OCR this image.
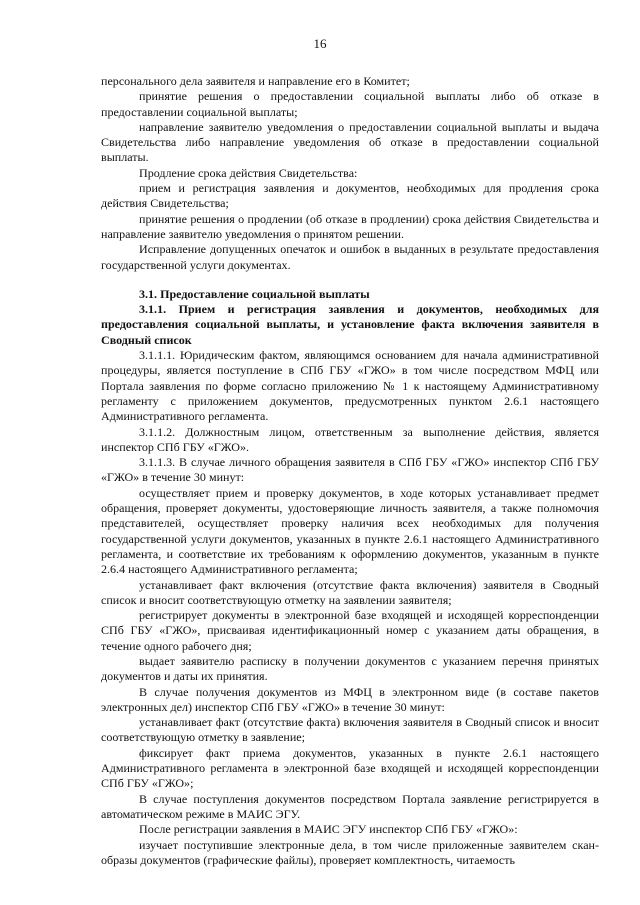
16

персонального дела заявителя и направление его в Комитет;

принятие решения о предоставлении социальной выплаты либо об отказе в предоставлении социальной выплаты;

направление заявителю уведомления о предоставлении социальной выплаты и выдача Свидетельства либо направление уведомления об отказе в предоставлении социальной выплаты.

Продление срока действия Свидетельства:

прием и регистрация заявления и документов, необходимых для продления срока действия Свидетельства;

принятие решения о продлении (об отказе в продлении) срока действия Свидетельства и направление заявителю уведомления о принятом решении.

Исправление допущенных опечаток и ошибок в выданных в результате предоставления государственной услуги документах.

3.1. Предоставление социальной выплаты

3.1.1. Прием и регистрация заявления и документов, необходимых для предоставления социальной выплаты, и установление факта включения заявителя в Сводный список

3.1.1.1. Юридическим фактом, являющимся основанием для начала административной процедуры, является поступление в СПб ГБУ «ГЖО» в том числе посредством МФЦ или Портала заявления по форме согласно приложению № 1 к настоящему Административному регламенту с приложением документов, предусмотренных пунктом 2.6.1 настоящего Административного регламента.

3.1.1.2. Должностным лицом, ответственным за выполнение действия, является инспектор СПб ГБУ «ГЖО».

3.1.1.3. В случае личного обращения заявителя в СПб ГБУ «ГЖО» инспектор СПб ГБУ «ГЖО» в течение 30 минут:

осуществляет прием и проверку документов, в ходе которых устанавливает предмет обращения, проверяет документы, удостоверяющие личность заявителя, а также полномочия представителей, осуществляет проверку наличия всех необходимых для получения государственной услуги документов, указанных в пункте 2.6.1 настоящего Административного регламента, и соответствие их требованиям к оформлению документов, указанным в пункте 2.6.4 настоящего Административного регламента;

устанавливает факт включения (отсутствие факта включения) заявителя в Сводный список и вносит соответствующую отметку на заявлении заявителя;

регистрирует документы в электронной базе входящей и исходящей корреспонденции СПб ГБУ «ГЖО», присваивая идентификационный номер с указанием даты обращения, в течение одного рабочего дня;

выдает заявителю расписку в получении документов с указанием перечня принятых документов и даты их принятия.

В случае получения документов из МФЦ в электронном виде (в составе пакетов электронных дел) инспектор СПб ГБУ «ГЖО» в течение 30 минут:

устанавливает факт (отсутствие факта) включения заявителя в Сводный список и вносит соответствующую отметку в заявление;

фиксирует факт приема документов, указанных в пункте 2.6.1 настоящего Административного регламента в электронной базе входящей и исходящей корреспонденции СПб ГБУ «ГЖО»;

В случае поступления документов посредством Портала заявление регистрируется в автоматическом режиме в МАИС ЭГУ.

После регистрации заявления в МАИС ЭГУ инспектор СПб ГБУ «ГЖО»:

изучает поступившие электронные дела, в том числе приложенные заявителем скан-образы документов (графические файлы), проверяет комплектность, читаемость
